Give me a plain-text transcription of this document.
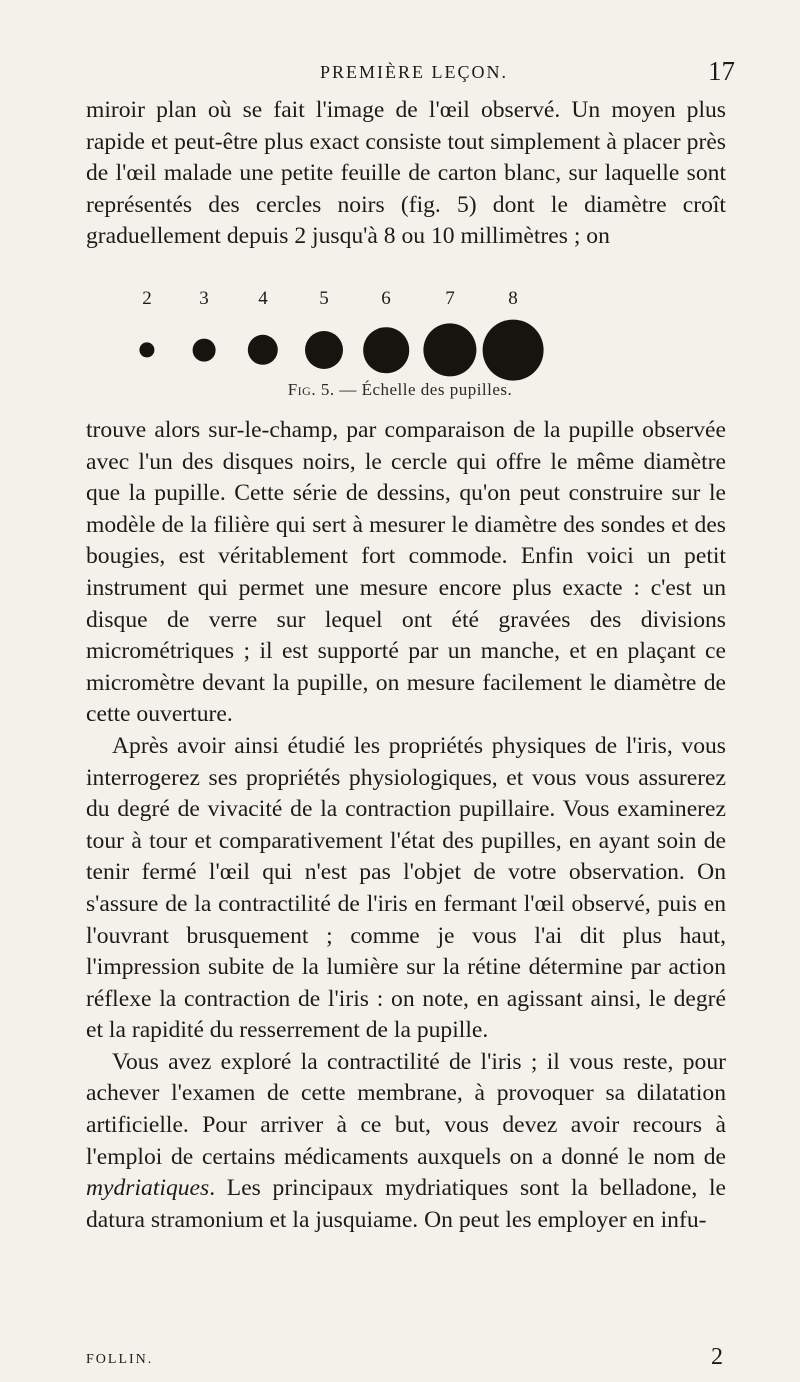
PREMIÈRE LEÇON.	17

miroir plan où se fait l'image de l'œil observé. Un moyen plus rapide et peut-être plus exact consiste tout simplement à placer près de l'œil malade une petite feuille de carton blanc, sur laquelle sont représentés des cercles noirs (fig. 5) dont le diamètre croît graduellement depuis 2 jusqu'à 8 ou 10 millimètres ; on

2	3	4	5	6	7	8
Fig. 5. — Échelle des pupilles.

trouve alors sur-le-champ, par comparaison de la pupille observée avec l'un des disques noirs, le cercle qui offre le même diamètre que la pupille. Cette série de dessins, qu'on peut construire sur le modèle de la filière qui sert à mesurer le diamètre des sondes et des bougies, est véritablement fort commode. Enfin voici un petit instrument qui permet une mesure encore plus exacte : c'est un disque de verre sur lequel ont été gravées des divisions micrométriques ; il est supporté par un manche, et en plaçant ce micromètre devant la pupille, on mesure facilement le diamètre de cette ouverture.

Après avoir ainsi étudié les propriétés physiques de l'iris, vous interrogerez ses propriétés physiologiques, et vous vous assurerez du degré de vivacité de la contraction pupillaire. Vous examinerez tour à tour et comparativement l'état des pupilles, en ayant soin de tenir fermé l'œil qui n'est pas l'objet de votre observation. On s'assure de la contractilité de l'iris en fermant l'œil observé, puis en l'ouvrant brusquement ; comme je vous l'ai dit plus haut, l'impression subite de la lumière sur la rétine détermine par action réflexe la contraction de l'iris : on note, en agissant ainsi, le degré et la rapidité du resserrement de la pupille.

Vous avez exploré la contractilité de l'iris ; il vous reste, pour achever l'examen de cette membrane, à provoquer sa dilatation artificielle. Pour arriver à ce but, vous devez avoir recours à l'emploi de certains médicaments auxquels on a donné le nom de mydriatiques. Les principaux mydriatiques sont la belladone, le datura stramonium et la jusquiame. On peut les employer en infu-

FOLLIN.	2
